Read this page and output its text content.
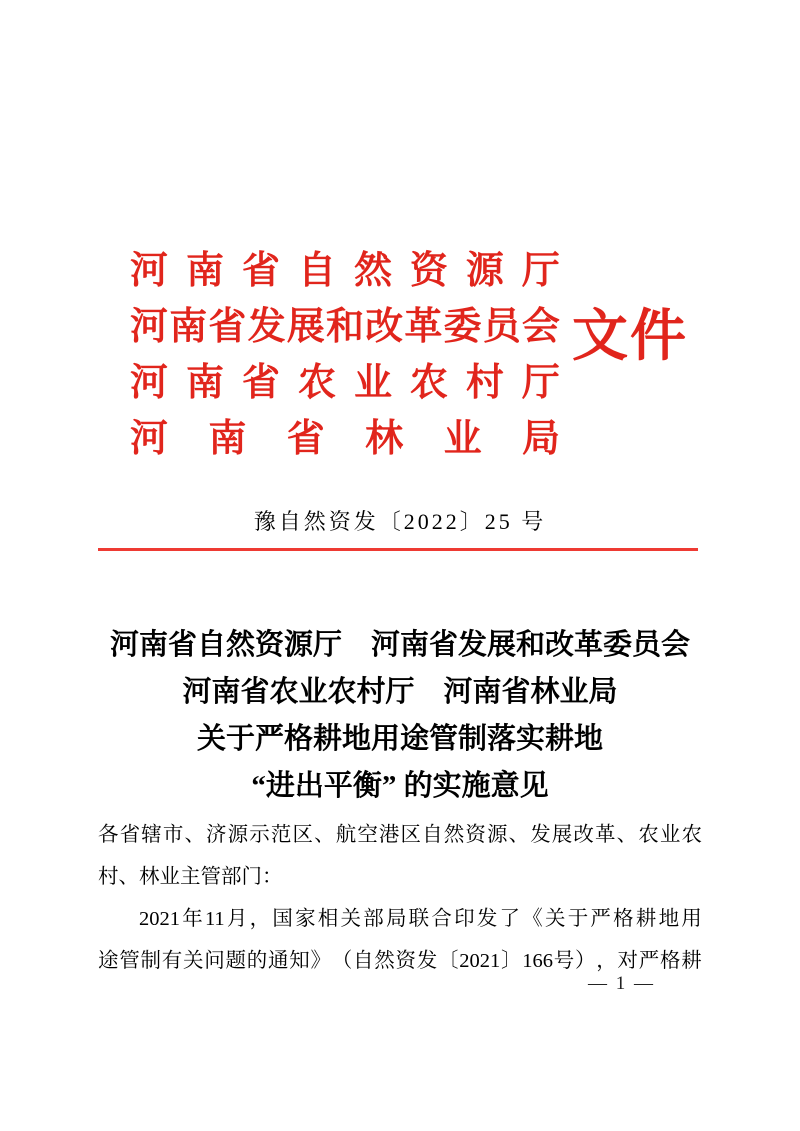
河 南 省 自 然 资 源 厅
河 南 省 发 展 和 改 革 委 员 会
河 南 省 农 业 农 村 厅
河 南 省 林 业 局
文件
豫自然资发〔2022〕25 号
河南省自然资源厅　河南省发展和改革委员会
河南省农业农村厅　河南省林业局
关于严格耕地用途管制落实耕地
“进出平衡” 的实施意见
各 省 辖 市 、 济 源 示 范 区 、 航 空 港 区 自 然 资 源 、 发 展 改 革 、 农 业 农
村、林业主管部门：
2021 年 11 月 ， 国 家 相 关 部 局 联 合 印 发 了 《 关 于 严 格 耕 地 用
途 管 制 有 关 问 题 的 通 知 》 （ 自 然 资 发 〔 2021 〕 166 号 ） ， 对 严 格 耕
— 1 —
